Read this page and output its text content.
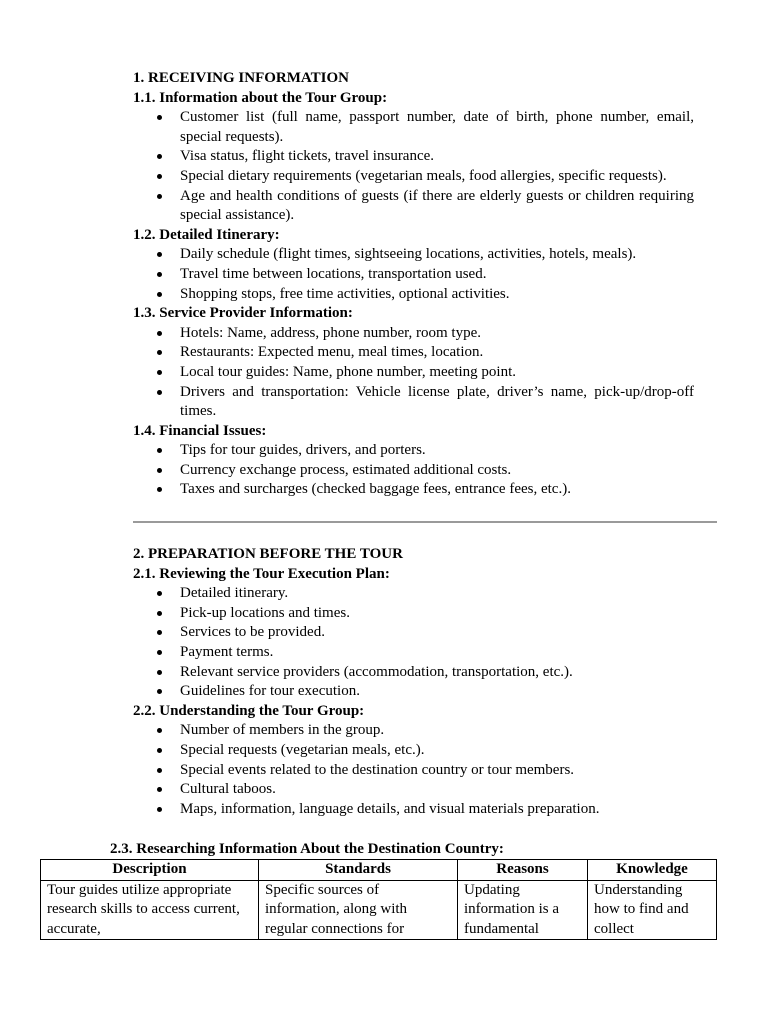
1. RECEIVING INFORMATION

1.1. Information about the Tour Group:

Customer list (full name, passport number, date of birth, phone number, email, special requests).
Visa status, flight tickets, travel insurance.
Special dietary requirements (vegetarian meals, food allergies, specific requests).
Age and health conditions of guests (if there are elderly guests or children requiring special assistance).

1.2. Detailed Itinerary:

Daily schedule (flight times, sightseeing locations, activities, hotels, meals).
Travel time between locations, transportation used.
Shopping stops, free time activities, optional activities.

1.3. Service Provider Information:

Hotels: Name, address, phone number, room type.
Restaurants: Expected menu, meal times, location.
Local tour guides: Name, phone number, meeting point.
Drivers and transportation: Vehicle license plate, driver’s name, pick-up/drop-off times.

1.4. Financial Issues:

Tips for tour guides, drivers, and porters.
Currency exchange process, estimated additional costs.
Taxes and surcharges (checked baggage fees, entrance fees, etc.).

2. PREPARATION BEFORE THE TOUR

2.1. Reviewing the Tour Execution Plan:

Detailed itinerary.
Pick-up locations and times.
Services to be provided.
Payment terms.
Relevant service providers (accommodation, transportation, etc.).
Guidelines for tour execution.

2.2. Understanding the Tour Group:

Number of members in the group.
Special requests (vegetarian meals, etc.).
Special events related to the destination country or tour members.
Cultural taboos.
Maps, information, language details, and visual materials preparation.
2.3. Researching Information About the Destination Country:
Description	Standards	Reasons	Knowledge
Tour guides utilize appropriate research skills to access current, accurate,	Specific sources of information, along with regular connections for	Updating information is a fundamental	Understanding how to find and collect
